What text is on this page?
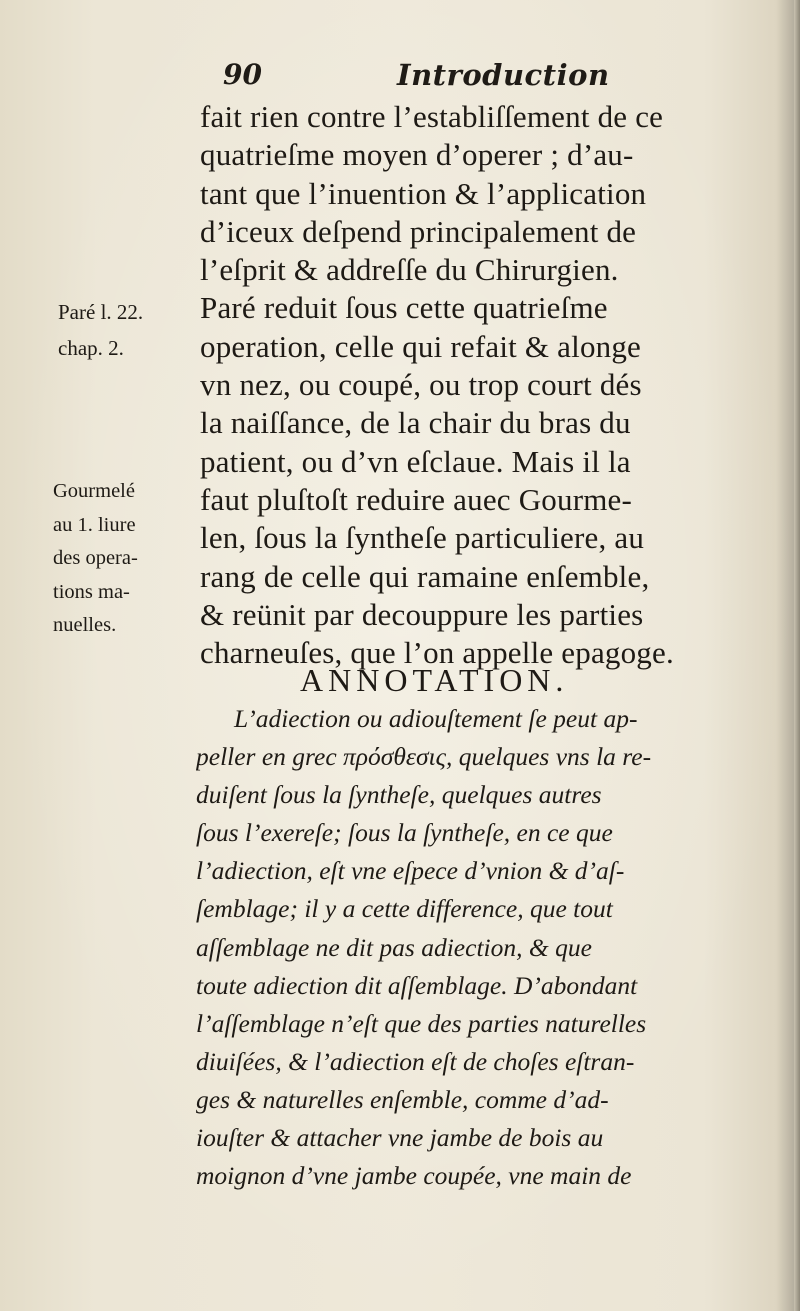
90	Introduction
fait rien contre l’establiſſement de ce
quatrieſme moyen d’operer ; d’au-
tant que l’inuention & l’application
d’iceux deſpend principalement de
l’eſprit & addreſſe du Chirurgien.
Paré reduit ſous cette quatrieſme
operation, celle qui refait & alonge
vn nez, ou coupé, ou trop court dés
la naiſſance, de la chair du bras du
patient, ou d’vn eſclaue. Mais il la
faut pluſtoſt reduire auec Gourme-
len, ſous la ſyntheſe particuliere, au
rang de celle qui ramaine enſemble,
& reünit par decouppure les parties
charneuſes, que l’on appelle epagoge.
Paré l. 22.
chap. 2.
Gourmelé
au 1. liure
des opera-
tions ma-
nuelles.
ANNOTATION.
L’adiection ou adiouſtement ſe peut ap-
peller en grec πρόσθεσις, quelques vns la re-
duiſent ſous la ſyntheſe, quelques autres
ſous l’exereſe; ſous la ſyntheſe, en ce que
l’adiection, eſt vne eſpece d’vnion & d’aſ-
ſemblage; il y a cette difference, que tout
aſſemblage ne dit pas adiection, & que
toute adiection dit aſſemblage. D’abondant
l’aſſemblage n’eſt que des parties naturelles
diuiſées, & l’adiection eſt de choſes eſtran-
ges & naturelles enſemble, comme d’ad-
iouſter & attacher vne jambe de bois au
moignon d’vne jambe coupée, vne main de
